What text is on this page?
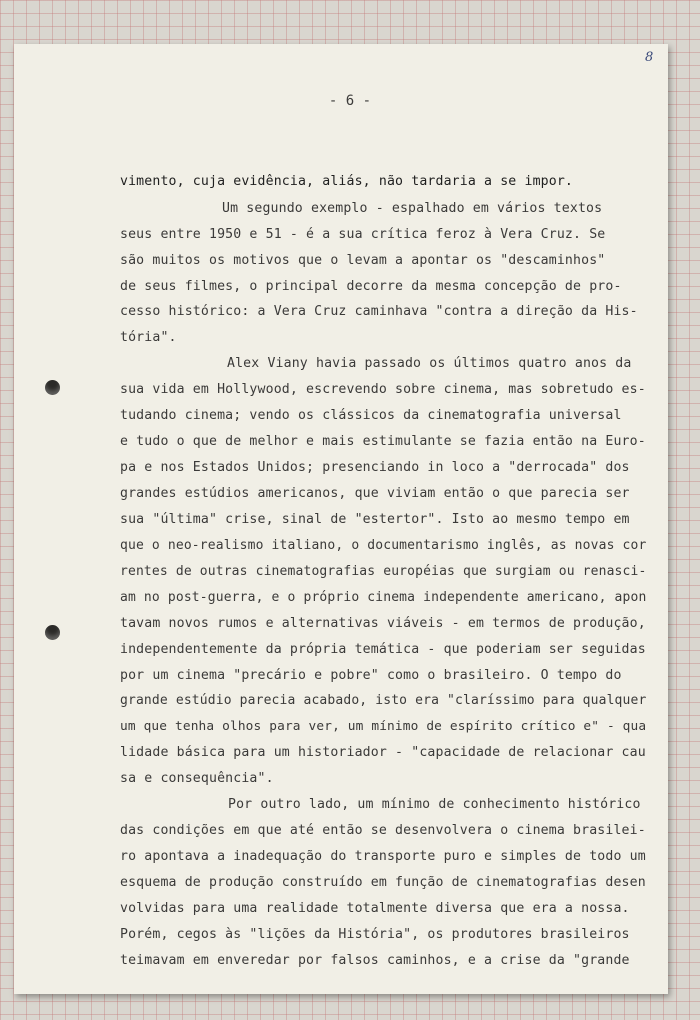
8
- 6 -
vimento, cuja evidência, aliás, não tardaria a se impor.
Um segundo exemplo - espalhado em vários textos
seus entre 1950 e 51 - é a sua crítica feroz à Vera Cruz. Se
são muitos os motivos que o levam a apontar os "descaminhos"
de seus filmes, o principal decorre da mesma concepção de pro-
cesso histórico: a Vera Cruz caminhava "contra a direção da His-
tória".
Alex Viany havia passado os últimos quatro anos da
sua vida em Hollywood, escrevendo sobre cinema, mas sobretudo es-
tudando cinema; vendo os clássicos da cinematografia universal
e tudo o que de melhor e mais estimulante se fazia então na Euro-
pa e nos Estados Unidos; presenciando in loco a "derrocada" dos
grandes estúdios americanos, que viviam então o que parecia ser
sua "última" crise, sinal de "estertor". Isto ao mesmo tempo em
que o neo-realismo italiano, o documentarismo inglês, as novas cor
rentes de outras cinematografias européias que surgiam ou renasci-
am no post-guerra, e o próprio cinema independente americano, apon
tavam novos rumos e alternativas viáveis - em termos de produção,
independentemente da própria temática - que poderiam ser seguidas
por um cinema "precário e pobre" como o brasileiro. O tempo do
grande estúdio parecia acabado, isto era "claríssimo para qualquer
um que tenha olhos para ver, um mínimo de espírito crítico e" - qua
lidade básica para um historiador - "capacidade de relacionar cau
sa e consequência".
Por outro lado, um mínimo de conhecimento histórico
das condições em que até então se desenvolvera o cinema brasilei-
ro apontava a inadequação do transporte puro e simples de todo um
esquema de produção construído em função de cinematografias desen
volvidas para uma realidade totalmente diversa que era a nossa.
Porém, cegos às "lições da História", os produtores brasileiros
teimavam em enveredar por falsos caminhos, e a crise da "grande
